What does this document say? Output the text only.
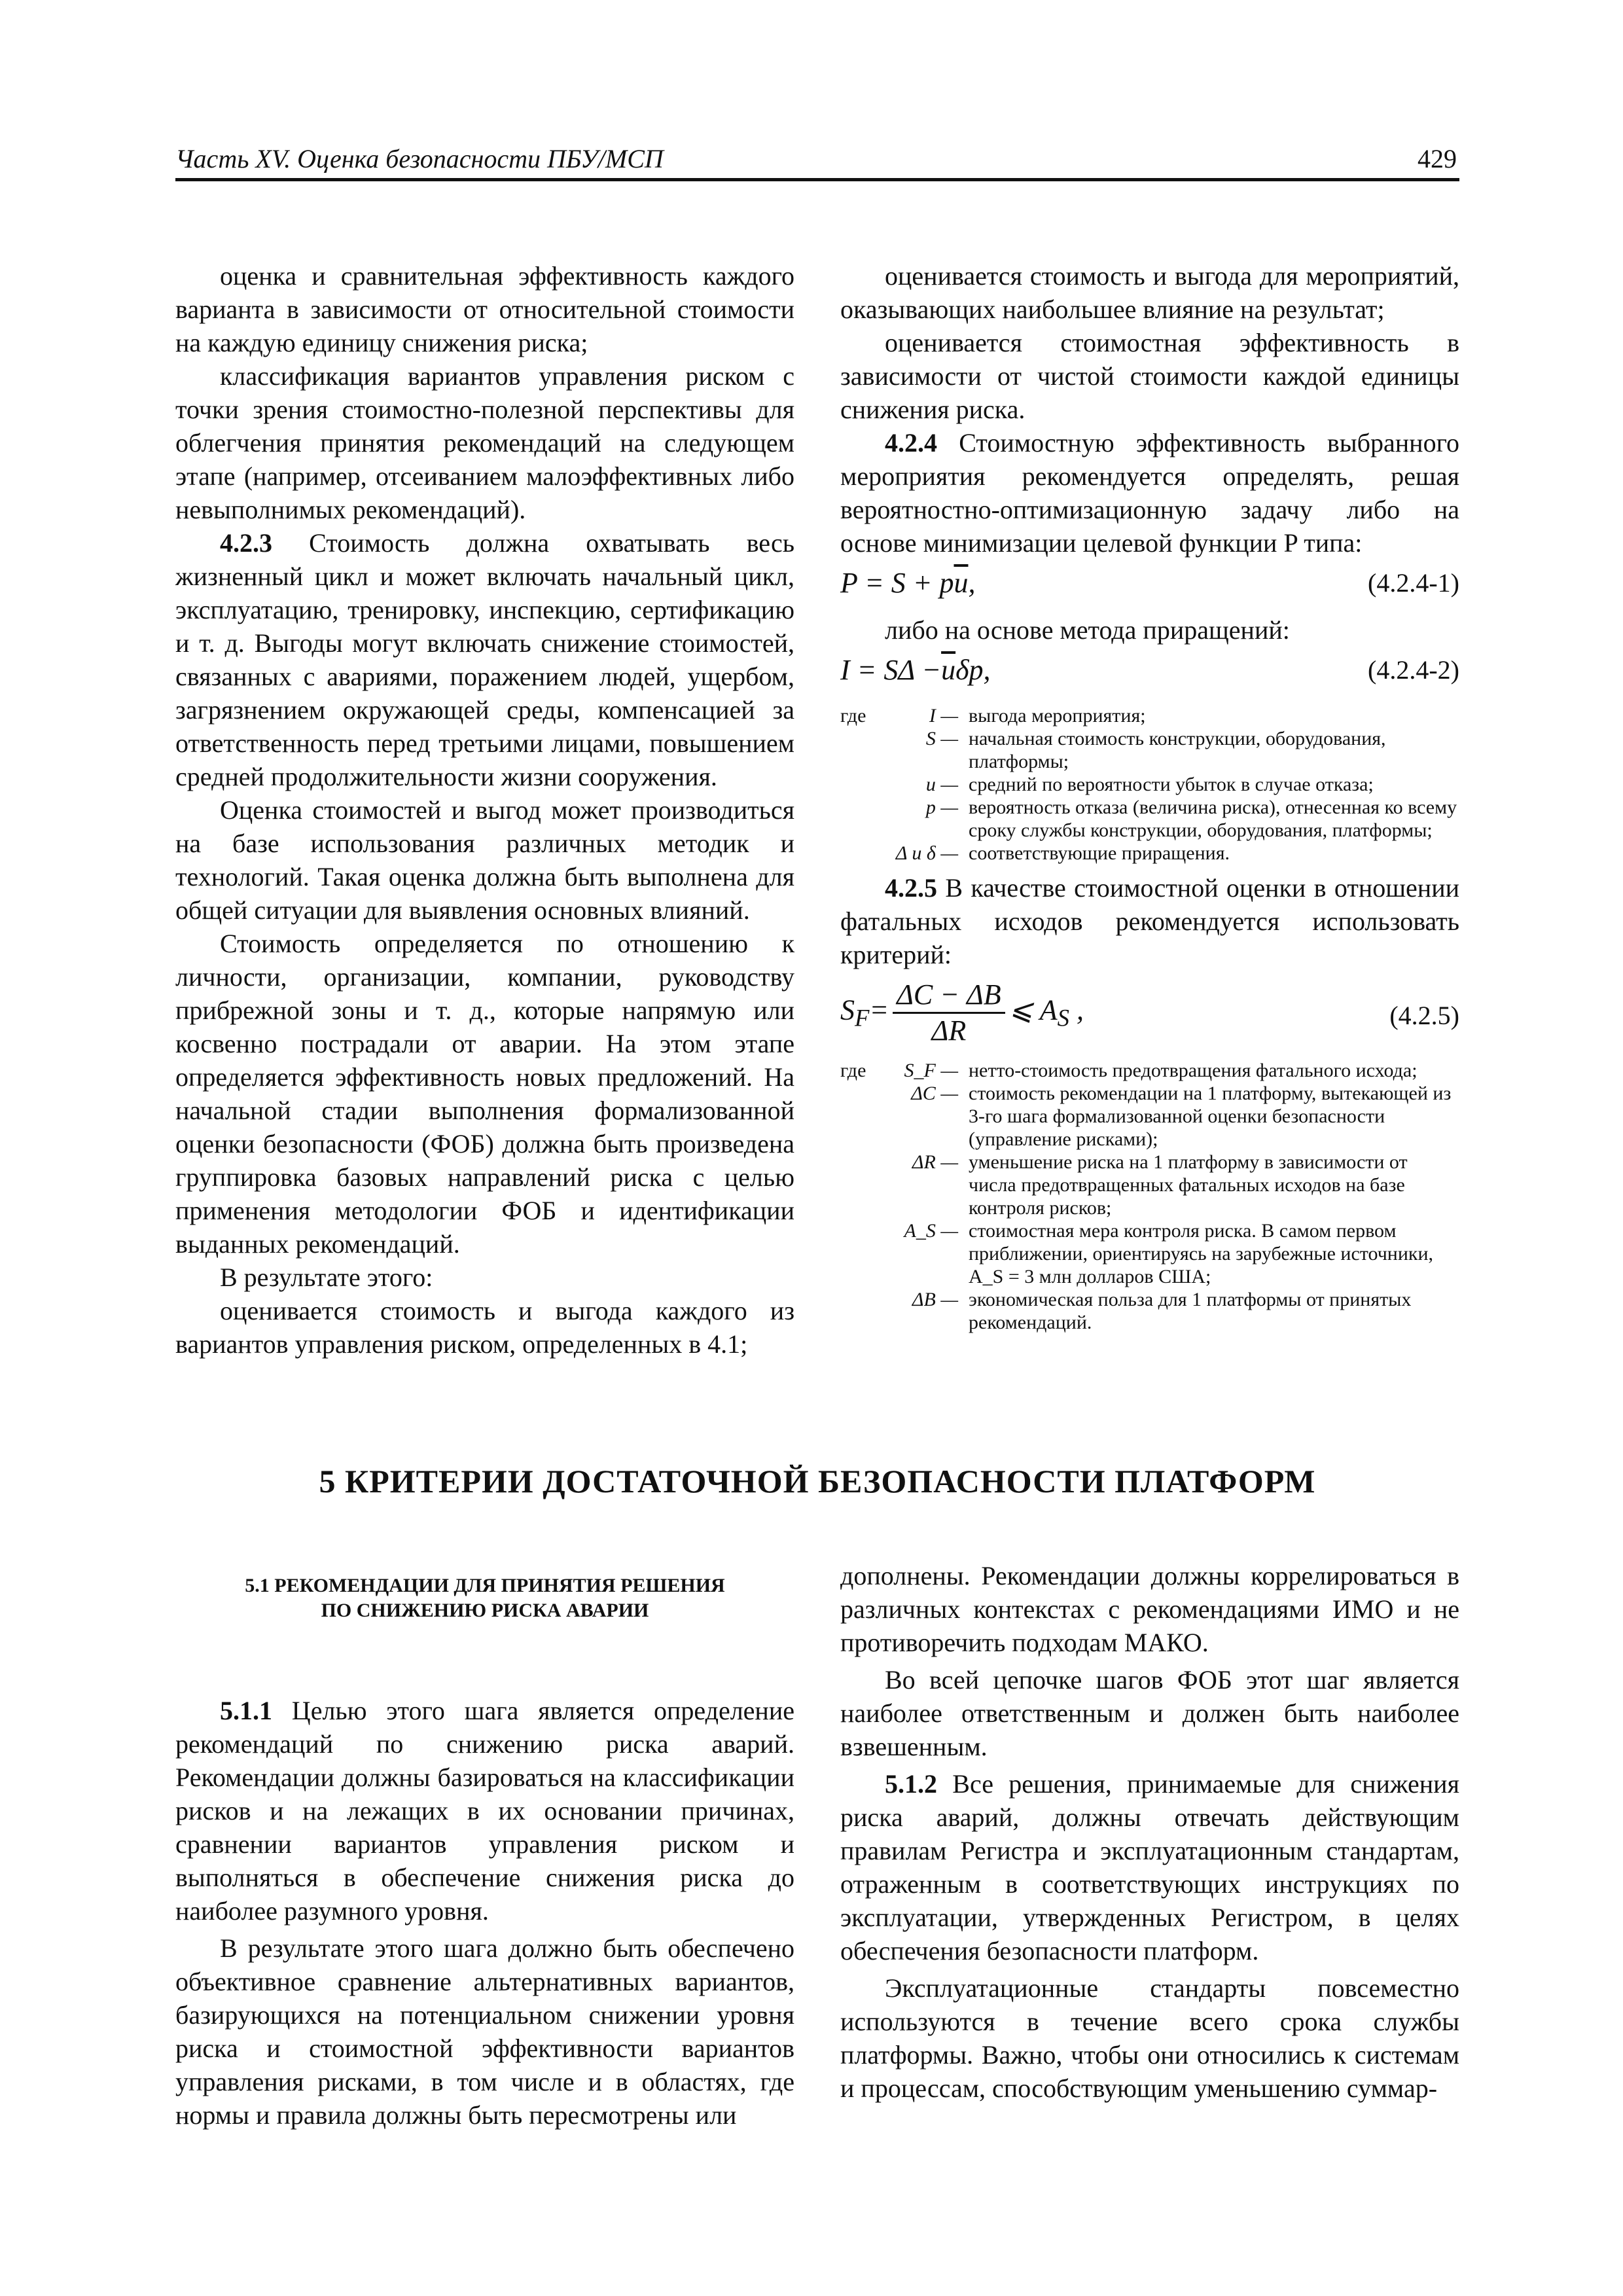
Часть XV. Оценка безопасности ПБУ/МСП	429

оценка и сравнительная эффективность каждого варианта в зависимости от относительной стоимости на каждую единицу снижения риска;

классификация вариантов управления риском с точки зрения стоимостно-полезной перспективы для облегчения принятия рекомендаций на следующем этапе (например, отсеиванием малоэффективных либо невыполнимых рекомендаций).

4.2.3 Стоимость должна охватывать весь жизненный цикл и может включать начальный цикл, эксплуатацию, тренировку, инспекцию, сертификацию и т. д. Выгоды могут включать снижение стоимостей, связанных с авариями, поражением людей, ущербом, загрязнением окружающей среды, компенсацией за ответственность перед третьими лицами, повышением средней продолжительности жизни сооружения.

Оценка стоимостей и выгод может производиться на базе использования различных методик и технологий. Такая оценка должна быть выполнена для общей ситуации для выявления основных влияний.

Стоимость определяется по отношению к личности, организации, компании, руководству прибрежной зоны и т. д., которые напрямую или косвенно пострадали от аварии. На этом этапе определяется эффективность новых предложений. На начальной стадии выполнения формализованной оценки безопасности (ФОБ) должна быть произведена группировка базовых направлений риска с целью применения методологии ФОБ и идентификации выданных рекомендаций.

В результате этого:

оценивается стоимость и выгода каждого из вариантов управления риском, определенных в 4.1;

оценивается стоимость и выгода для мероприятий, оказывающих наибольшее влияние на результат;

оценивается стоимостная эффективность в зависимости от чистой стоимости каждой единицы снижения риска.

4.2.4 Стоимостную эффективность выбранного мероприятия рекомендуется определять, решая вероятностно-оптимизационную задачу либо на основе минимизации целевой функции P типа:

$P = S + p\overline{u}$,	(4.2.4-1)

либо на основе метода приращений:

$I = S\Delta -\overline{u}\delta p$,	(4.2.4-2)
где	I — выгода мероприятия;
S — начальная стоимость конструкции, оборудования, платформы;
u — средний по вероятности убыток в случае отказа;
p — вероятность отказа (величина риска), отнесенная ко всему сроку службы конструкции, оборудования, платформы;
Δ и δ — соответствующие приращения.

4.2.5 В качестве стоимостной оценки в отношении фатальных исходов рекомендуется использовать критерий:

$S_F= \frac{\Delta C - \Delta B}{\Delta R}$ ⩽ $A_S$ ,	(4.2.5)
где	S_F — нетто-стоимость предотвращения фатального исхода;
ΔC — стоимость рекомендации на 1 платформу, вытекающей из 3-го шага формализованной оценки безопасности (управление рисками);
ΔR — уменьшение риска на 1 платформу в зависимости от числа предотвращенных фатальных исходов на базе контроля рисков;
A_S — стоимостная мера контроля риска. В самом первом приближении, ориентируясь на зарубежные источники, A_S = 3 млн долларов США;
ΔB — экономическая польза для 1 платформы от принятых рекомендаций.
5 КРИТЕРИИ ДОСТАТОЧНОЙ БЕЗОПАСНОСТИ ПЛАТФОРМ
5.1 РЕКОМЕНДАЦИИ ДЛЯ ПРИНЯТИЯ РЕШЕНИЯ
ПО СНИЖЕНИЮ РИСКА АВАРИИ

5.1.1 Целью этого шага является определение рекомендаций по снижению риска аварий. Рекомендации должны базироваться на классификации рисков и на лежащих в их основании причинах, сравнении вариантов управления риском и выполняться в обеспечение снижения риска до наиболее разумного уровня.

В результате этого шага должно быть обеспечено объективное сравнение альтернативных вариантов, базирующихся на потенциальном снижении уровня риска и стоимостной эффективности вариантов управления рисками, в том числе и в областях, где нормы и правила должны быть пересмотрены или

дополнены. Рекомендации должны коррелироваться в различных контекстах с рекомендациями ИМО и не противоречить подходам МАКО.

Во всей цепочке шагов ФОБ этот шаг является наиболее ответственным и должен быть наиболее взвешенным.

5.1.2 Все решения, принимаемые для снижения риска аварий, должны отвечать действующим правилам Регистра и эксплуатационным стандартам, отраженным в соответствующих инструкциях по эксплуатации, утвержденных Регистром, в целях обеспечения безопасности платформ.

Эксплуатационные стандарты повсеместно используются в течение всего срока службы платформы. Важно, чтобы они относились к системам и процессам, способствующим уменьшению суммар-
